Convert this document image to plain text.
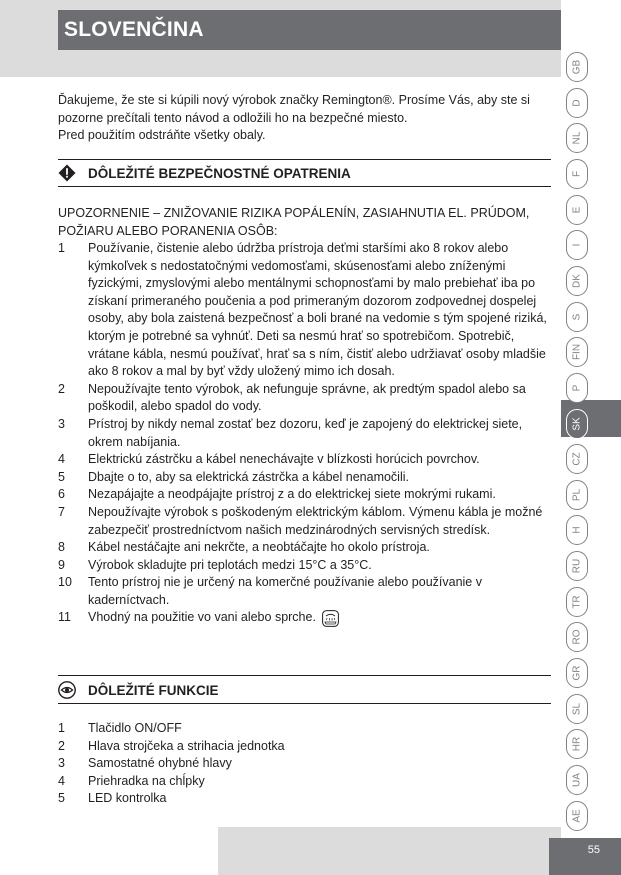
SLOVENČINA
GB
D
NL
F
E
I
DK
S
FIN
P
SK
CZ
PL
H
RU
TR
RO
GR
SL
HR
UA
AE
Ďakujeme, že ste si kúpili nový výrobok značky Remington®. Prosíme Vás, aby ste si pozorne prečítali tento návod a odložili ho na bezpečné miesto.
Pred použitím odstráňte všetky obaly.
DÔLEŽITÉ BEZPEČNOSTNÉ OPATRENIA
UPOZORNENIE – ZNIŽOVANIE RIZIKA POPÁLENÍN, ZASIAHNUTIA EL. PRÚDOM, POŽIARU ALEBO PORANENIA OSÔB:
1 Používanie, čistenie alebo údržba prístroja deťmi staršími ako 8 rokov alebo kýmkoľvek s nedostatočnými vedomosťami, skúsenosťami alebo zníženými fyzickými, zmyslovými alebo mentálnymi schopnosťami by malo prebiehať iba po získaní primeraného poučenia a pod primeraným dozorom zodpovednej dospelej osoby, aby bola zaistená bezpečnosť a boli brané na vedomie s tým spojené riziká, ktorým je potrebné sa vyhnúť. Deti sa nesmú hrať so spotrebičom. Spotrebič, vrátane kábla, nesmú používať, hrať sa s ním, čistiť alebo udržiavať osoby mladšie ako 8 rokov a mal by byť vždy uložený mimo ich dosah.
2 Nepoužívajte tento výrobok, ak nefunguje správne, ak predtým spadol alebo sa poškodil, alebo spadol do vody.
3 Prístroj by nikdy nemal zostať bez dozoru, keď je zapojený do elektrickej siete, okrem nabíjania.
4 Elektrickú zástrčku a kábel nenechávajte v blízkosti horúcich povrchov.
5 Dbajte o to, aby sa elektrická zástrčka a kábel nenamočili.
6 Nezapájajte a neodpájajte prístroj z a do elektrickej siete mokrými rukami.
7 Nepoužívajte výrobok s poškodeným elektrickým káblom. Výmenu kábla je možné zabezpečiť prostredníctvom našich medzinárodných servisných stredísk.
8 Kábel nestáčajte ani nekrčte, a neobtáčajte ho okolo prístroja.
9 Výrobok skladujte pri teplotách medzi 15°C a 35°C.
10 Tento prístroj nie je určený na komerčné používanie alebo používanie v kaderníctvach.
11 Vhodný na použitie vo vani alebo sprche.
DÔLEŽITÉ FUNKCIE
1 Tlačidlo ON/OFF
2 Hlava strojčeka a strihacia jednotka
3 Samostatné ohybné hlavy
4 Priehradka na chĺpky
5 LED kontrolka
55
